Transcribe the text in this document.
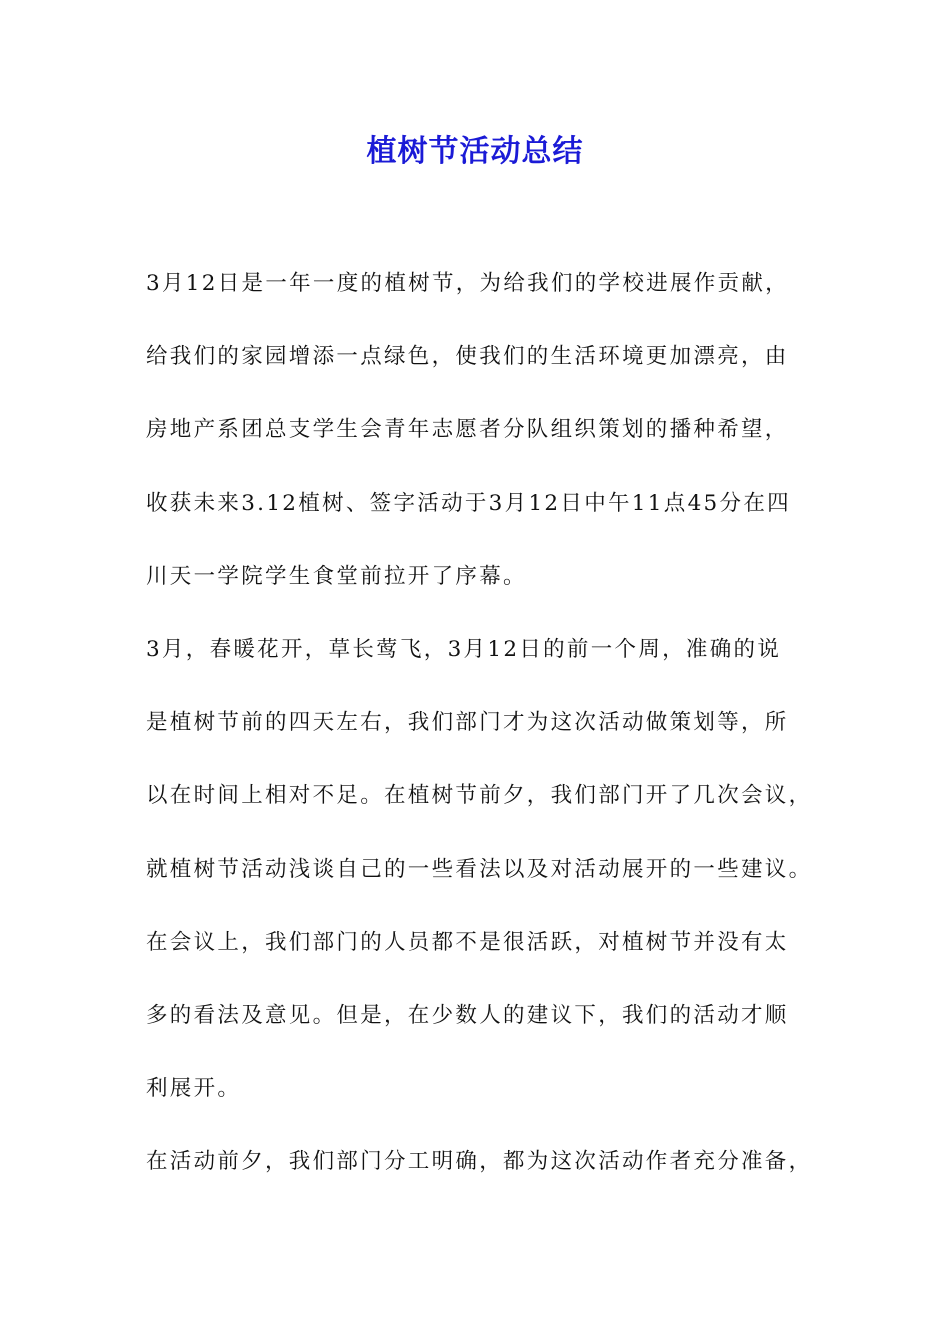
植树节活动总结
3月12日是一年一度的植树节，为给我们的学校进展作贡献，
给我们的家园增添一点绿色，使我们的生活环境更加漂亮，由
房地产系团总支学生会青年志愿者分队组织策划的播种希望，
收获未来3.12植树、签字活动于3月12日中午11点45分在四
川天一学院学生食堂前拉开了序幕。
3月，春暖花开，草长莺飞，3月12日的前一个周，准确的说
是植树节前的四天左右，我们部门才为这次活动做策划等，所
以在时间上相对不足。在植树节前夕，我们部门开了几次会议，
就植树节活动浅谈自己的一些看法以及对活动展开的一些建议。
在会议上，我们部门的人员都不是很活跃，对植树节并没有太
多的看法及意见。但是，在少数人的建议下，我们的活动才顺
利展开。
在活动前夕，我们部门分工明确，都为这次活动作者充分准备，
